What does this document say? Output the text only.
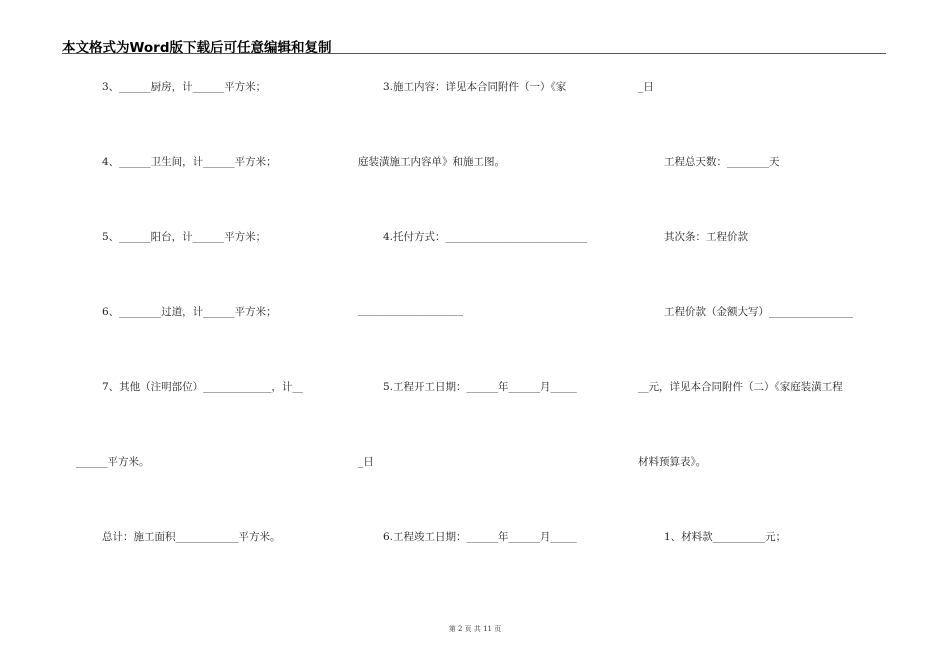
本文格式为Word版下载后可任意编辑和复制
3、______厨房，计______平方米；
4、______卫生间，计______平方米；
5、______阳台，计______平方米；
6、________过道，计______平方米；
7、其他（注明部位）_____________，计__
______平方米。
总计：施工面积____________平方米。
3.施工内容：详见本合同附件（一）《家
庭装潢施工内容单》和施工图。
4.托付方式：___________________________
____________________
5.工程开工日期：______年______月_____
_日
6.工程竣工日期：______年______月_____
_日
工程总天数：________天
其次条：工程价款
工程价款（金额大写）________________
__元，详见本合同附件（二）《家庭装潢工程
材料预算表》。
1、材料款__________元；
第 2 页 共 11 页
